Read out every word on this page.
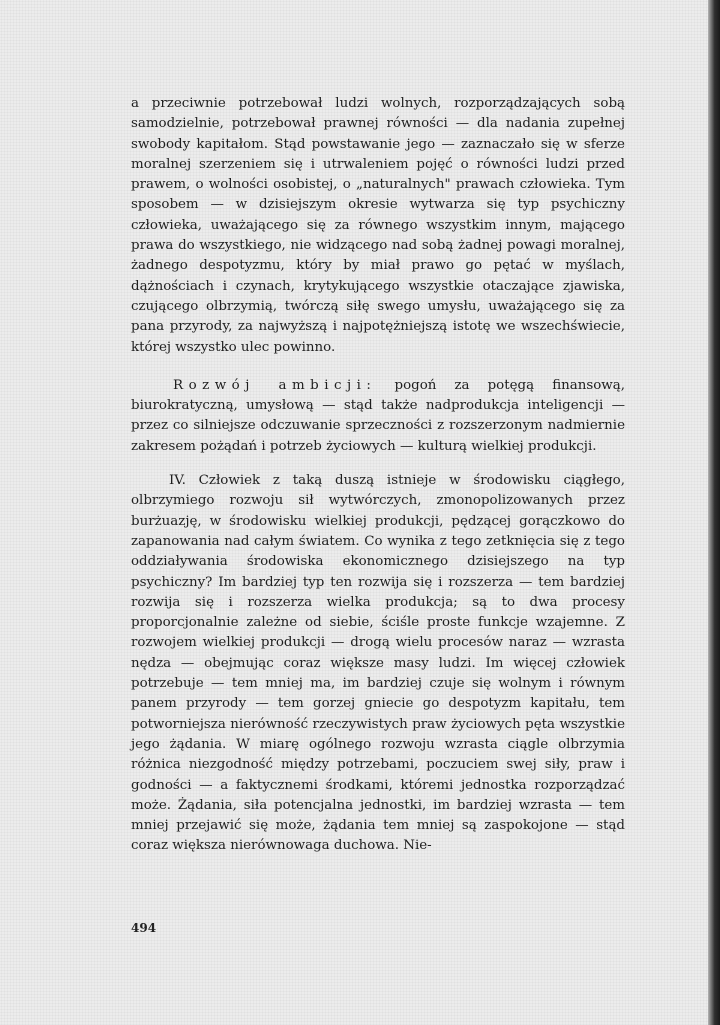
a przeciwnie potrzebował ludzi wolnych, rozporządzających sobą samodzielnie, potrzebował prawnej równości — dla nadania zupełnej swobody kapitałom. Stąd powstawanie jego — zaznaczało się w sferze moralnej szerzeniem się i utrwaleniem pojęć o równości ludzi przed prawem, o wolności osobistej, o „naturalnych" prawach człowieka. Tym sposobem — w dzisiejszym okresie wytwarza się typ psychiczny człowieka, uważającego się za równego wszystkim innym, mającego prawa do wszystkiego, nie widzącego nad sobą żadnej powagi moralnej, żadnego despotyzmu, który by miał prawo go pętać w myślach, dążnościach i czynach, krytykującego wszystkie otaczające zjawiska, czującego olbrzymią, twórczą siłę swego umysłu, uważającego się za pana przyrody, za najwyższą i najpotężniejszą istotę we wszechświecie, której wszystko ulec powinno.

Rozwój ambicji: pogoń za potęgą finansową, biurokratyczną, umysłową — stąd także nadprodukcja inteligencji — przez co silniejsze odczuwanie sprzeczności z rozszerzonym nadmiernie zakresem pożądań i potrzeb życiowych — kulturą wielkiej produkcji.

IV. Człowiek z taką duszą istnieje w środowisku ciągłego, olbrzymiego rozwoju sił wytwórczych, zmonopolizowanych przez burżuazję, w środowisku wielkiej produkcji, pędzącej gorączkowo do zapanowania nad całym światem. Co wynika z tego zetknięcia się z tego oddziaływania środowiska ekonomicznego dzisiejszego na typ psychiczny? Im bardziej typ ten rozwija się i rozszerza — tem bardziej rozwija się i rozszerza wielka produkcja; są to dwa procesy proporcjonalnie zależne od siebie, ściśle proste funkcje wzajemne. Z rozwojem wielkiej produkcji — drogą wielu procesów naraz — wzrasta nędza — obejmując coraz większe masy ludzi. Im więcej człowiek potrzebuje — tem mniej ma, im bardziej czuje się wolnym i równym panem przyrody — tem gorzej gniecie go despotyzm kapitału, tem potworniejsza nierówność rzeczywistych praw życiowych pęta wszystkie jego żądania. W miarę ogólnego rozwoju wzrasta ciągle olbrzymia różnica niezgodność między potrzebami, poczuciem swej siły, praw i godności — a faktycznemi środkami, któremi jednostka rozporządzać może. Żądania, siła potencjalna jednostki, im bardziej wzrasta — tem mniej przejawić się może, żądania tem mniej są zaspokojone — stąd coraz większa nierównowaga duchowa. Nie-

494
